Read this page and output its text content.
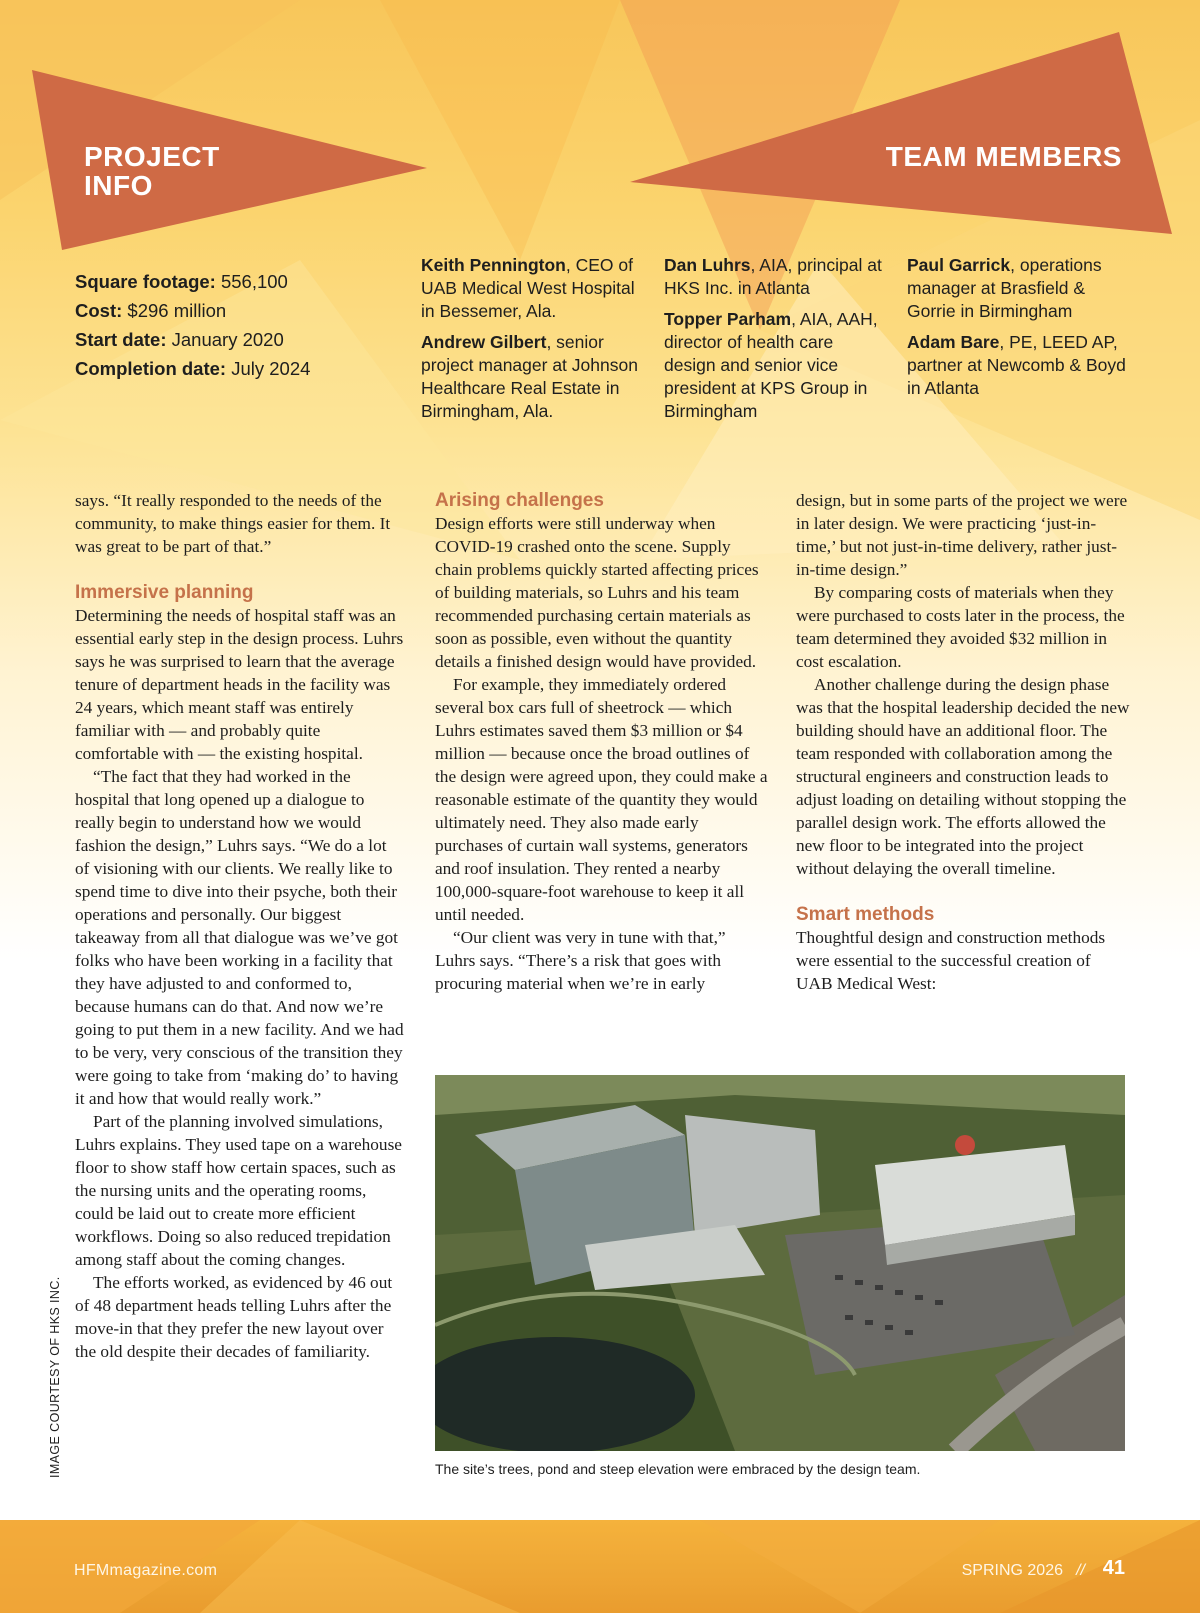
PROJECT INFO
TEAM MEMBERS
Square footage: 556,100
Cost: $296 million
Start date: January 2020
Completion date: July 2024

Keith Pennington, CEO of UAB Medical West Hospital in Bessemer, Ala.

Andrew Gilbert, senior project manager at Johnson Healthcare Real Estate in Birmingham, Ala.

Dan Luhrs, AIA, principal at HKS Inc. in Atlanta

Topper Parham, AIA, AAH, director of health care design and senior vice president at KPS Group in Birmingham

Paul Garrick, operations manager at Brasfield & Gorrie in Birmingham

Adam Bare, PE, LEED AP, partner at Newcomb & Boyd in Atlanta

says. “It really responded to the needs of the community, to make things easier for them. It was great to be part of that.”

Immersive planning

Determining the needs of hospital staff was an essential early step in the design process. Luhrs says he was surprised to learn that the average tenure of department heads in the facility was 24 years, which meant staff was entirely familiar with — and probably quite comfortable with — the existing hospital.

“The fact that they had worked in the hospital that long opened up a dialogue to really begin to understand how we would fashion the design,” Luhrs says. “We do a lot of visioning with our clients. We really like to spend time to dive into their psyche, both their operations and personally. Our biggest takeaway from all that dialogue was we’ve got folks who have been working in a facility that they have adjusted to and conformed to, because humans can do that. And now we’re going to put them in a new facility. And we had to be very, very conscious of the transition they were going to take from ‘making do’ to having it and how that would really work.”

Part of the planning involved simulations, Luhrs explains. They used tape on a warehouse floor to show staff how certain spaces, such as the nursing units and the operating rooms, could be laid out to create more efficient workflows. Doing so also reduced trepidation among staff about the coming changes.

The efforts worked, as evidenced by 46 out of 48 department heads telling Luhrs after the move-in that they prefer the new layout over the old despite their decades of familiarity.

Arising challenges

Design efforts were still underway when COVID-19 crashed onto the scene. Supply chain problems quickly started affecting prices of building materials, so Luhrs and his team recommended purchasing certain materials as soon as possible, even without the quantity details a finished design would have provided.

For example, they immediately ordered several box cars full of sheetrock — which Luhrs estimates saved them $3 million or $4 million — because once the broad outlines of the design were agreed upon, they could make a reasonable estimate of the quantity they would ultimately need. They also made early purchases of curtain wall systems, generators and roof insulation. They rented a nearby 100,000-square-foot warehouse to keep it all until needed.

“Our client was very in tune with that,” Luhrs says. “There’s a risk that goes with procuring material when we’re in early

design, but in some parts of the project we were in later design. We were practicing ‘just-in-time,’ but not just-in-time delivery, rather just-in-time design.”

By comparing costs of materials when they were purchased to costs later in the process, the team determined they avoided $32 million in cost escalation.

Another challenge during the design phase was that the hospital leadership decided the new building should have an additional floor. The team responded with collaboration among the structural engineers and construction leads to adjust loading on detailing without stopping the parallel design work. The efforts allowed the new floor to be integrated into the project without delaying the overall timeline.

Smart methods

Thoughtful design and construction methods were essential to the successful creation of UAB Medical West:

The site’s trees, pond and steep elevation were embraced by the design team.

IMAGE COURTESY OF HKS INC.

HFMmagazine.com	SPRING 2026 // 41
